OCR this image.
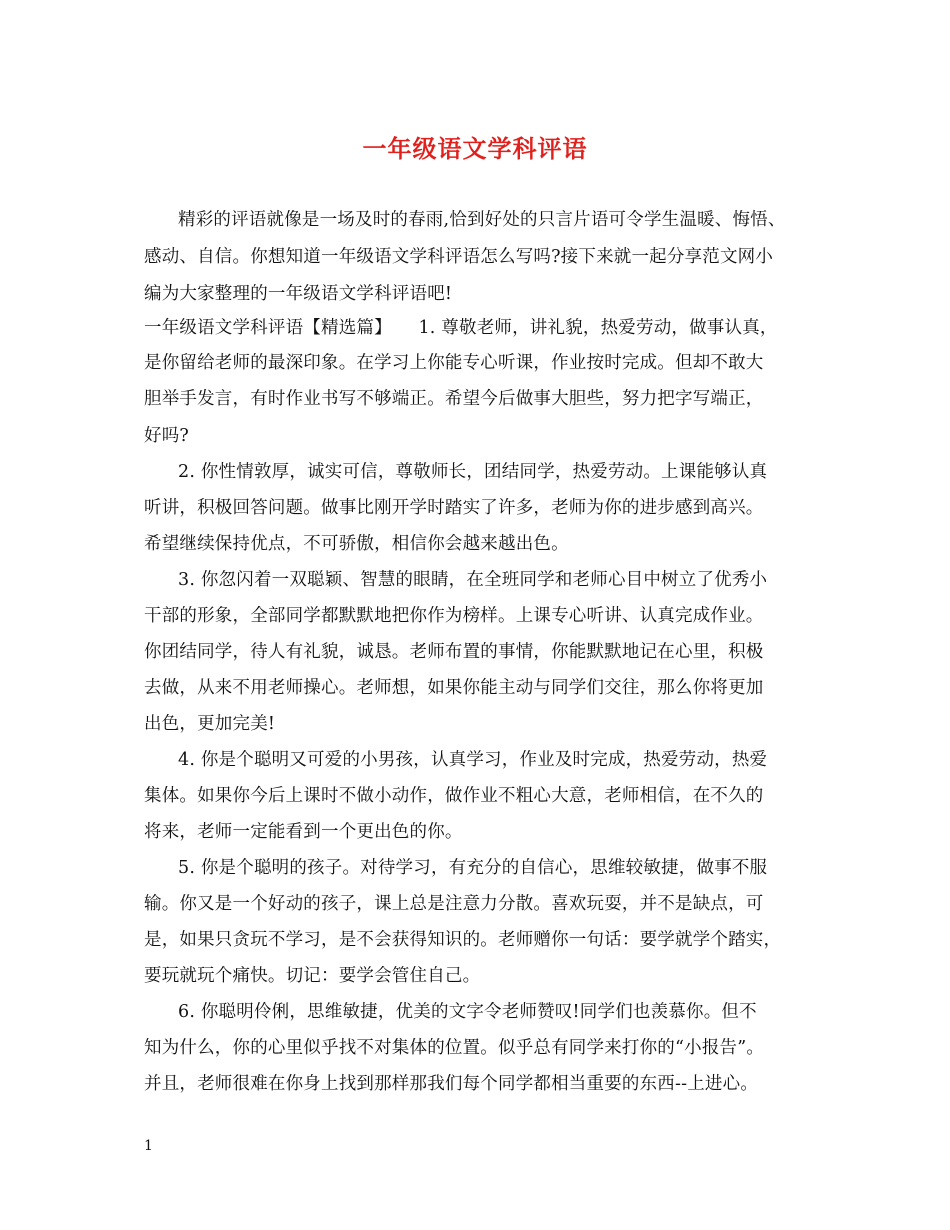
一年级语文学科评语
精彩的评语就像是一场及时的春雨,恰到好处的只言片语可令学生温暖、悔悟、
感动、自信。你想知道一年级语文学科评语怎么写吗?接下来就一起分享范文网小
编为大家整理的一年级语文学科评语吧!
一年级语文学科评语【精选篇】　　1. 尊敬老师，讲礼貌，热爱劳动，做事认真，
是你留给老师的最深印象。在学习上你能专心听课，作业按时完成。但却不敢大
胆举手发言，有时作业书写不够端正。希望今后做事大胆些，努力把字写端正，
好吗?
2. 你性情敦厚，诚实可信，尊敬师长，团结同学，热爱劳动。上课能够认真
听讲，积极回答问题。做事比刚开学时踏实了许多，老师为你的进步感到高兴。
希望继续保持优点，不可骄傲，相信你会越来越出色。
3. 你忽闪着一双聪颖、智慧的眼睛，在全班同学和老师心目中树立了优秀小
干部的形象，全部同学都默默地把你作为榜样。上课专心听讲、认真完成作业。
你团结同学，待人有礼貌，诚恳。老师布置的事情，你能默默地记在心里，积极
去做，从来不用老师操心。老师想，如果你能主动与同学们交往，那么你将更加
出色，更加完美!
4. 你是个聪明又可爱的小男孩，认真学习，作业及时完成，热爱劳动，热爱
集体。如果你今后上课时不做小动作，做作业不粗心大意，老师相信，在不久的
将来，老师一定能看到一个更出色的你。
5. 你是个聪明的孩子。对待学习，有充分的自信心，思维较敏捷，做事不服
输。你又是一个好动的孩子，课上总是注意力分散。喜欢玩耍，并不是缺点，可
是，如果只贪玩不学习，是不会获得知识的。老师赠你一句话：要学就学个踏实，
要玩就玩个痛快。切记：要学会管住自己。
6. 你聪明伶俐，思维敏捷，优美的文字令老师赞叹!同学们也羡慕你。但不
知为什么，你的心里似乎找不对集体的位置。似乎总有同学来打你的“小报告”。
并且，老师很难在你身上找到那样那我们每个同学都相当重要的东西--上进心。
1
